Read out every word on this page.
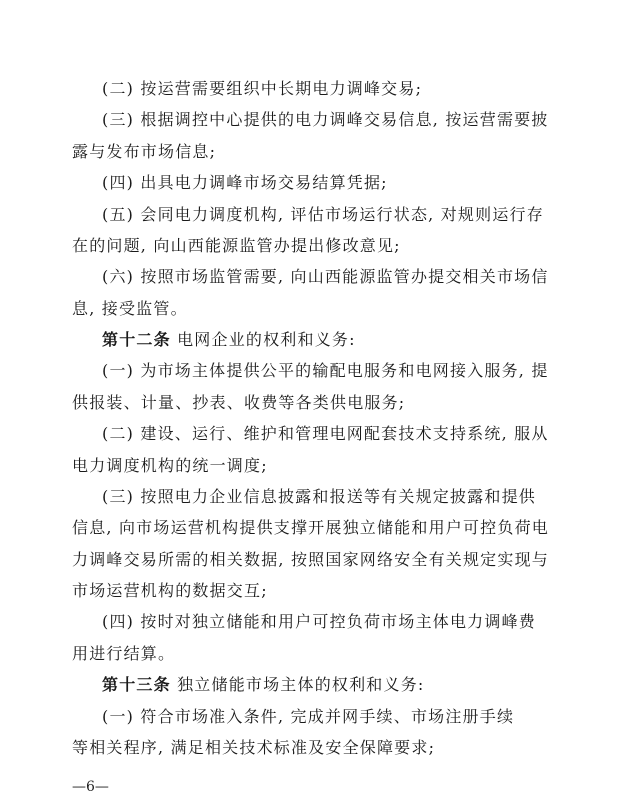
(二) 按运营需要组织中长期电力调峰交易;
(三) 根据调控中心提供的电力调峰交易信息, 按运营需要披
露与发布市场信息;
(四) 出具电力调峰市场交易结算凭据;
(五) 会同电力调度机构, 评估市场运行状态, 对规则运行存
在的问题, 向山西能源监管办提出修改意见;
(六) 按照市场监管需要, 向山西能源监管办提交相关市场信
息, 接受监管。
第十二条 电网企业的权利和义务:
(一) 为市场主体提供公平的输配电服务和电网接入服务, 提
供报装、计量、抄表、收费等各类供电服务;
(二) 建设、运行、维护和管理电网配套技术支持系统, 服从
电力调度机构的统一调度;
(三) 按照电力企业信息披露和报送等有关规定披露和提供
信息, 向市场运营机构提供支撑开展独立储能和用户可控负荷电
力调峰交易所需的相关数据, 按照国家网络安全有关规定实现与
市场运营机构的数据交互;
(四) 按时对独立储能和用户可控负荷市场主体电力调峰费
用进行结算。
第十三条 独立储能市场主体的权利和义务:
(一) 符合市场准入条件, 完成并网手续、市场注册手续
等相关程序, 满足相关技术标准及安全保障要求;
—6—
